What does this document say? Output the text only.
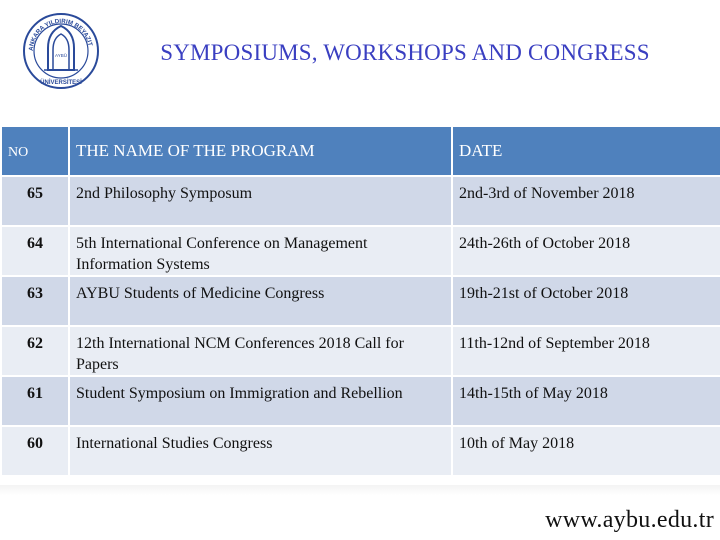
ANKARA YILDIRIM BEYAZIT
ÜNİVERSİTESİ
AYBÜ	SYMPOSIUMS, WORKSHOPS AND CONGRESS
NO	THE NAME OF THE PROGRAM	DATE
65	2nd Philosophy Symposum	2nd-3rd of November 2018
64	5th International Conference on Management Information Systems	24th-26th of October 2018
63	AYBU Students of Medicine Congress	19th-21st of October 2018
62	12th International NCM Conferences 2018 Call for Papers	11th-12nd of September 2018
61	Student Symposium on Immigration and Rebellion	14th-15th of May 2018
60	International Studies Congress	10th of May 2018
www.aybu.edu.tr
